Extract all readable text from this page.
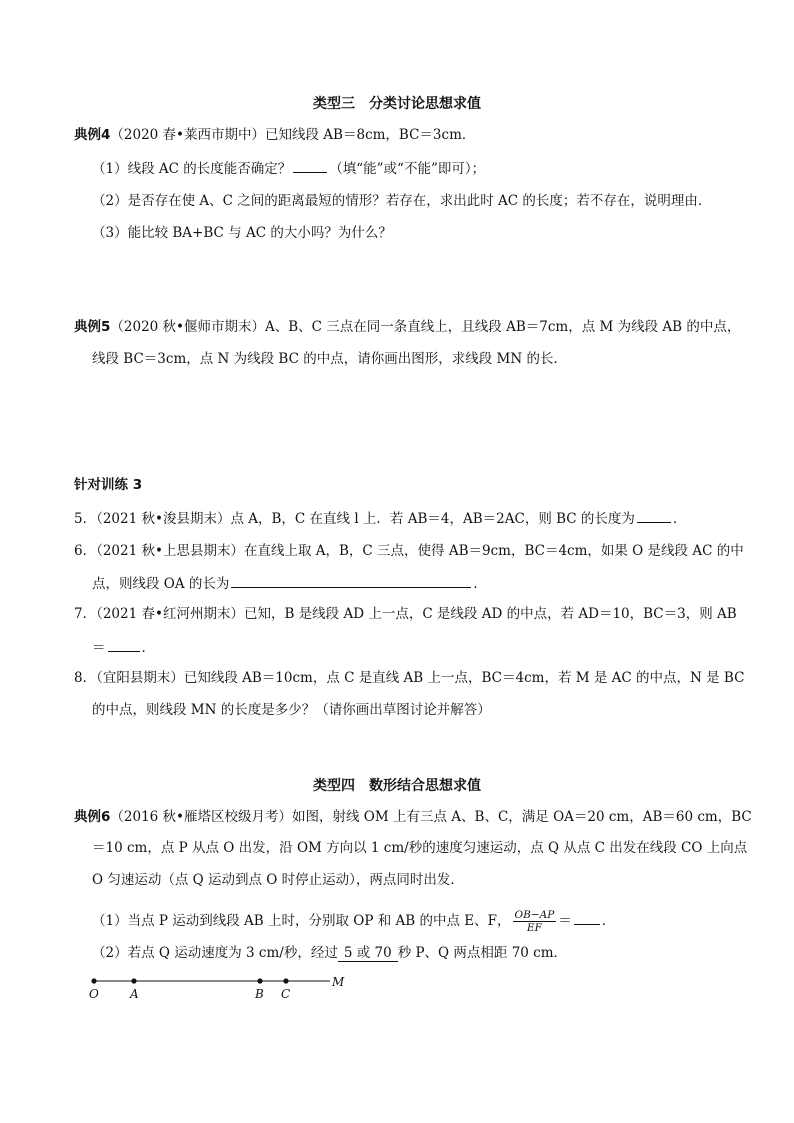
类型三　分类讨论思想求值
典例4（2020 春•莱西市期中）已知线段 AB＝8cm，BC＝3cm．
（1）线段 AC 的长度能否确定？	（填“能”或“不能”即可）；
（2）是否存在使 A、C 之间的距离最短的情形？若存在，求出此时 AC 的长度；若不存在，说明理由．
（3）能比较 BA+BC 与 AC 的大小吗？为什么？
典例5（2020 秋•偃师市期末）A、B、C 三点在同一条直线上，且线段 AB＝7cm，点 M 为线段 AB 的中点，
线段 BC＝3cm，点 N 为线段 BC 的中点，请你画出图形，求线段 MN 的长．
针对训练 3
5．（2021 秋•浚县期末）点 A，B，C 在直线 l 上．若 AB＝4，AB＝2AC，则 BC 的长度为	．
6．（2021 秋•上思县期末）在直线上取 A，B，C 三点，使得 AB＝9cm，BC＝4cm，如果 O 是线段 AC 的中
点，则线段 OA 的长为	．
7．（2021 春•红河州期末）已知，B 是线段 AD 上一点，C 是线段 AD 的中点，若 AD＝10，BC＝3，则 AB
＝	．
8．（宜阳县期末）已知线段 AB＝10cm，点 C 是直线 AB 上一点，BC＝4cm，若 M 是 AC 的中点，N 是 BC
的中点，则线段 MN 的长度是多少？（请你画出草图讨论并解答）
类型四　数形结合思想求值
典例6（2016 秋•雁塔区校级月考）如图，射线 OM 上有三点 A、B、C，满足 OA＝20 cm，AB＝60 cm，BC
＝10 cm，点 P 从点 O 出发，沿 OM 方向以 1 cm/秒的速度匀速运动，点 Q 从点 C 出发在线段 CO 上向点
O 匀速运动（点 Q 运动到点 O 时停止运动），两点同时出发．
（1）当点 P 运动到线段 AB 上时，分别取 OP 和 AB 的中点 E、F， $\frac{OB-AP}{EF}$ ＝ ．
（2）若点 Q 运动速度为 3 cm/秒，经过 5 或 70 秒 P、Q 两点相距 70 cm．
O	A	B C
M
